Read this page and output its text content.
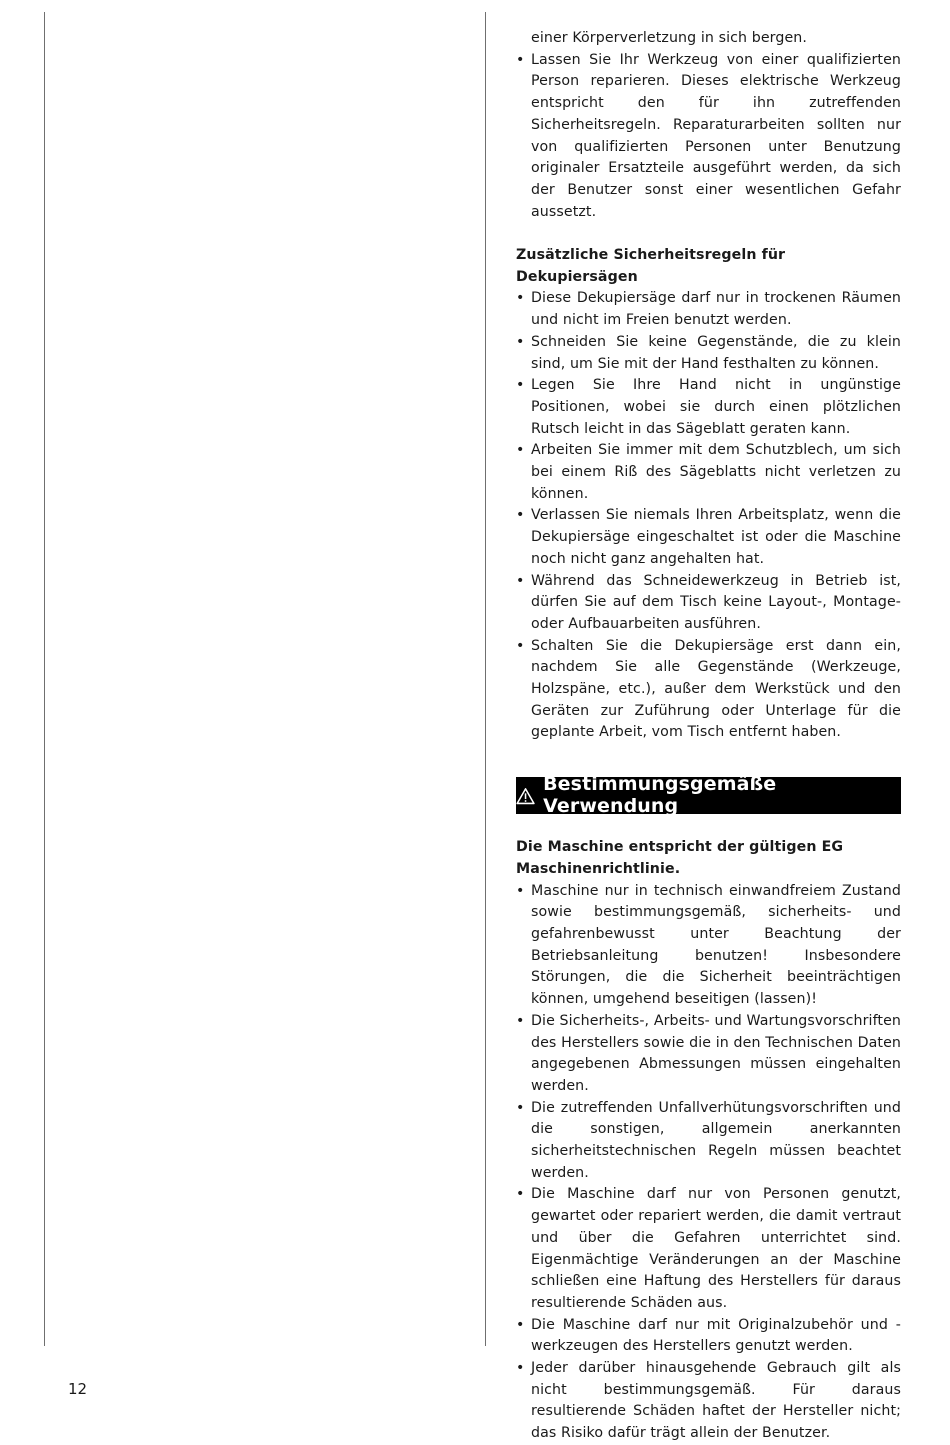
einer Körperverletzung in sich bergen.

• Lassen Sie Ihr Werkzeug von einer qualifizierten Person reparieren. Dieses elektrische Werkzeug entspricht den für ihn zutreffenden Sicherheitsregeln. Reparaturarbeiten sollten nur von qualifizierten Personen unter Benutzung originaler Ersatzteile ausgeführt werden, da sich der Benutzer sonst einer wesentlichen Gefahr aussetzt.

Zusätzliche Sicherheitsregeln für Dekupiersägen

• Diese Dekupiersäge darf nur in trockenen Räumen und nicht im Freien benutzt werden.
• Schneiden Sie keine Gegenstände, die zu klein sind, um Sie mit der Hand festhalten zu können.
• Legen Sie Ihre Hand nicht in ungünstige Positionen, wobei sie durch einen plötzlichen Rutsch leicht in das Sägeblatt geraten kann.
• Arbeiten Sie immer mit dem Schutzblech, um sich bei einem Riß des Sägeblatts nicht verletzen zu können.
• Verlassen Sie niemals Ihren Arbeitsplatz, wenn die Dekupiersäge eingeschaltet ist oder die Maschine noch nicht ganz angehalten hat.
• Während das Schneidewerkzeug in Betrieb ist, dürfen Sie auf dem Tisch keine Layout-, Montage- oder Aufbauarbeiten ausführen.
• Schalten Sie die Dekupiersäge erst dann ein, nachdem Sie alle Gegenstände (Werkzeuge, Holzspäne, etc.), außer dem Werkstück und den Geräten zur Zuführung oder Unterlage für die geplante Arbeit, vom Tisch entfernt haben.
Bestimmungsgemäße Verwendung

Die Maschine entspricht der gültigen EG Maschinenrichtlinie.

• Maschine nur in technisch einwandfreiem Zustand sowie bestimmungsgemäß, sicherheits- und gefahrenbewusst unter Beachtung der Betriebsanleitung benutzen! Insbesondere Störungen, die die Sicherheit beeinträchtigen können, umgehend beseitigen (lassen)!
• Die Sicherheits-, Arbeits- und Wartungsvorschriften des Herstellers sowie die in den Technischen Daten angegebenen Abmessungen müssen eingehalten werden.
• Die zutreffenden Unfallverhütungsvorschriften und die sonstigen, allgemein anerkannten sicherheitstechnischen Regeln müssen beachtet werden.
• Die Maschine darf nur von Personen genutzt, gewartet oder repariert werden, die damit vertraut und über die Gefahren unterrichtet sind. Eigenmächtige Veränderungen an der Maschine schließen eine Haftung des Herstellers für daraus resultierende Schäden aus.
• Die Maschine darf nur mit Originalzubehör und -werkzeugen des Herstellers genutzt werden.
• Jeder darüber hinausgehende Gebrauch gilt als nicht bestimmungsgemäß. Für daraus resultierende Schäden haftet der Hersteller nicht; das Risiko dafür trägt allein der Benutzer.
12
